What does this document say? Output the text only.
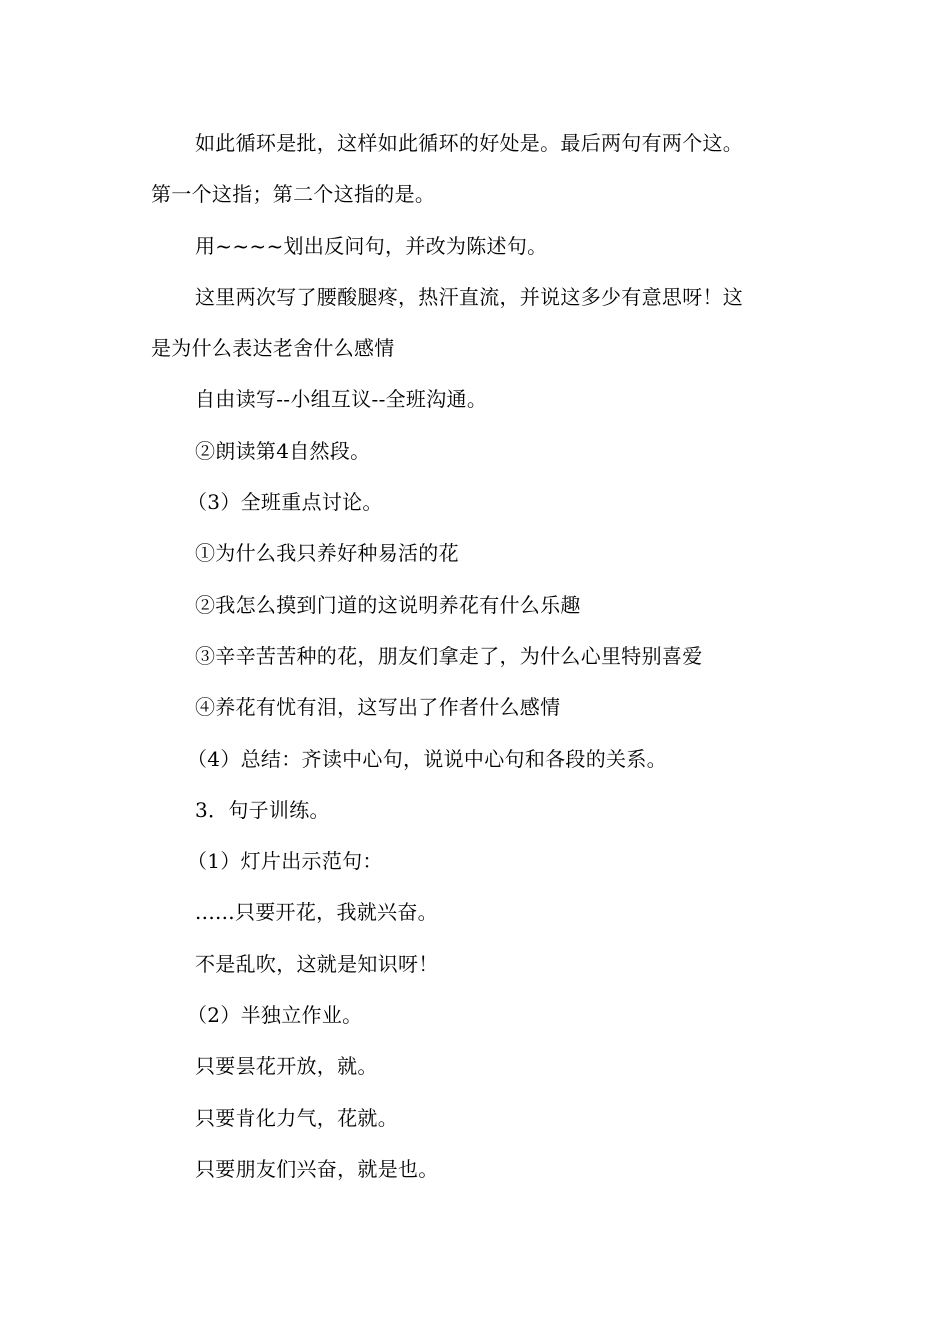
如此循环是批，这样如此循环的好处是。最后两句有两个这。
第一个这指；第二个这指的是。
用~~~~划出反问句，并改为陈述句。
这里两次写了腰酸腿疼，热汗直流，并说这多少有意思呀！这
是为什么表达老舍什么感情
自由读写--小组互议--全班沟通。
②朗读第4自然段。
（3）全班重点讨论。
①为什么我只养好种易活的花
②我怎么摸到门道的这说明养花有什么乐趣
③辛辛苦苦种的花，朋友们拿走了，为什么心里特别喜爱
④养花有忧有泪，这写出了作者什么感情
（4）总结：齐读中心句，说说中心句和各段的关系。
3．句子训练。
（1）灯片出示范句：
......只要开花，我就兴奋。
不是乱吹，这就是知识呀！
（2）半独立作业。
只要昙花开放，就。
只要肯化力气，花就。
只要朋友们兴奋，就是也。
